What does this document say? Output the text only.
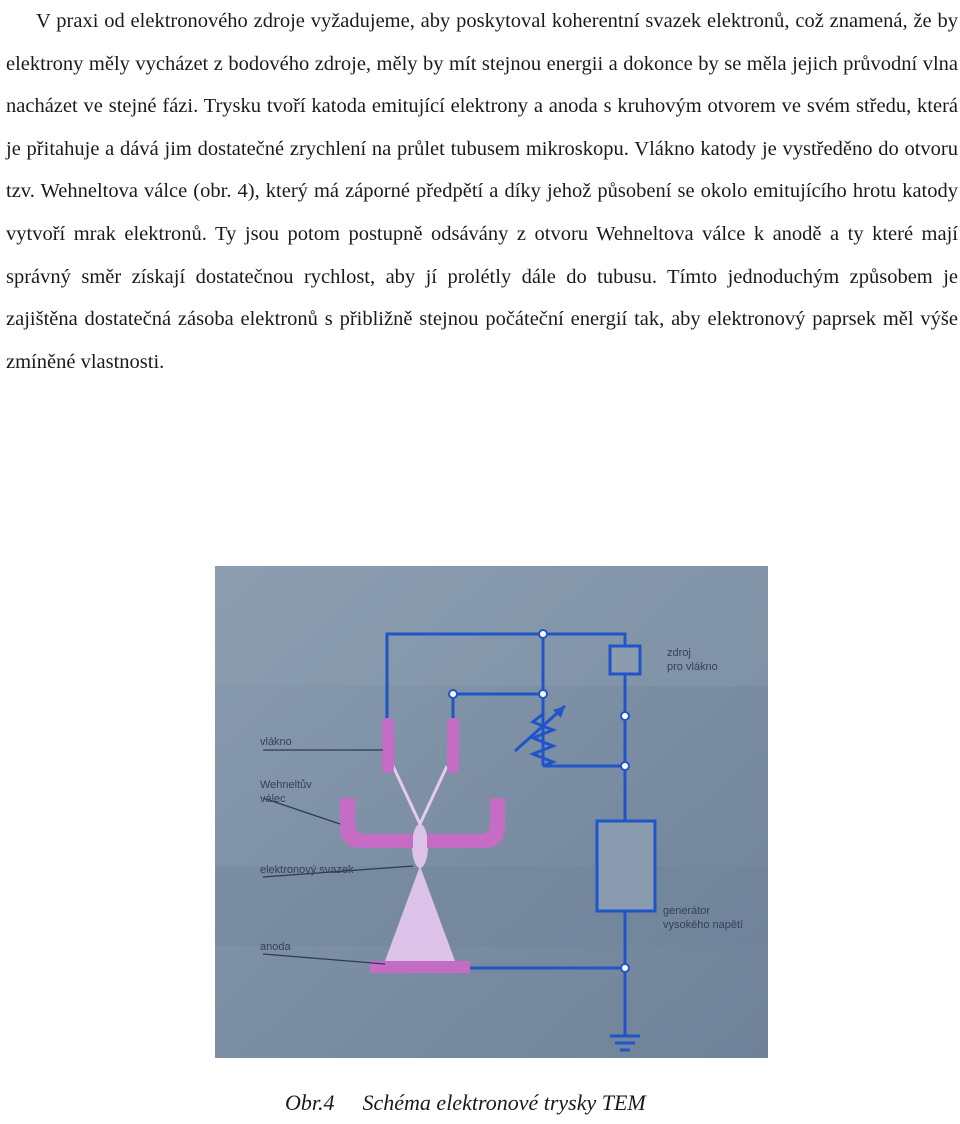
V praxi od elektronového zdroje vyžadujeme, aby poskytoval koherentní svazek elektronů, což znamená, že by elektrony měly vycházet z bodového zdroje, měly by mít stejnou energii a dokonce by se měla jejich průvodní vlna nacházet ve stejné fázi. Trysku tvoří katoda emitující elektrony a anoda s kruhovým otvorem ve svém středu, která je přitahuje a dává jim dostatečné zrychlení na průlet tubusem mikroskopu. Vlákno katody je vystředěno do otvoru tzv. Wehneltova válce (obr. 4), který má záporné předpětí a díky jehož působení se okolo emitujícího hrotu katody vytvoří mrak elektronů. Ty jsou potom postupně odsávány z otvoru Wehneltova válce k anodě a ty které mají správný směr získají dostatečnou rychlost, aby jí prolétly dále do tubusu. Tímto jednoduchým způsobem je zajištěna dostatečná zásoba elektronů s přibližně stejnou počáteční energií tak, aby elektronový paprsek měl výše zmíněné vlastnosti.

vlákno
Wehneltův
válec
elektronový svazek
anoda
zdroj
pro vlákno
generátor
vysokého napětí
Obr.4 Schéma elektronové trysky TEM
